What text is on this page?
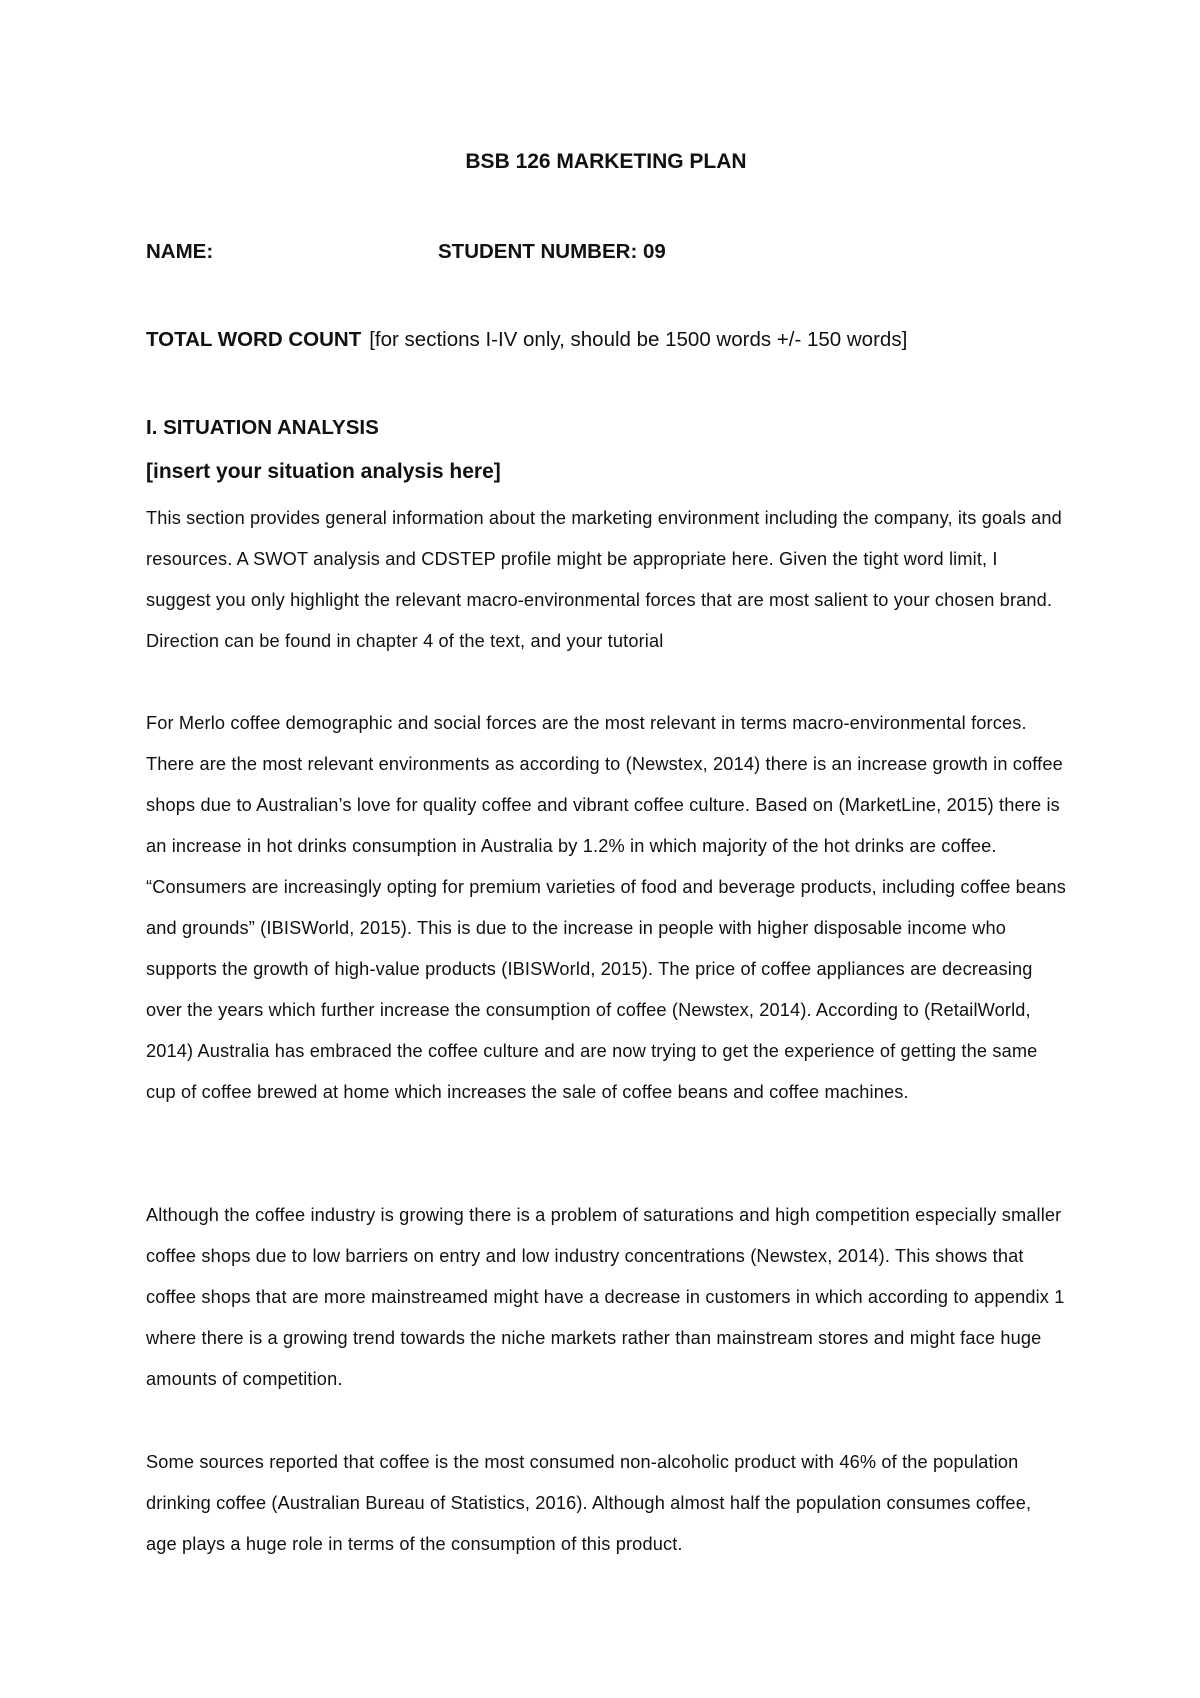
BSB 126 MARKETING PLAN
NAME:	STUDENT NUMBER: 09
TOTAL WORD COUNT [for sections I-IV only, should be 1500 words +/- 150 words]
I. SITUATION ANALYSIS
[insert your situation analysis here]

This section provides general information about the marketing environment including the company, its goals and resources. A SWOT analysis and CDSTEP profile might be appropriate here. Given the tight word limit, I suggest you only highlight the relevant macro-environmental forces that are most salient to your chosen brand. Direction can be found in chapter 4 of the text, and your tutorial

For Merlo coffee demographic and social forces are the most relevant in terms macro-environmental forces. There are the most relevant environments as according to (Newstex, 2014) there is an increase growth in coffee shops due to Australian’s love for quality coffee and vibrant coffee culture. Based on (MarketLine, 2015) there is an increase in hot drinks consumption in Australia by 1.2% in which majority of the hot drinks are coffee. “Consumers are increasingly opting for premium varieties of food and beverage products, including coffee beans and grounds” (IBISWorld, 2015). This is due to the increase in people with higher disposable income who supports the growth of high-value products (IBISWorld, 2015). The price of coffee appliances are decreasing over the years which further increase the consumption of coffee (Newstex, 2014). According to (RetailWorld, 2014) Australia has embraced the coffee culture and are now trying to get the experience of getting the same cup of coffee brewed at home which increases the sale of coffee beans and coffee machines.

Although the coffee industry is growing there is a problem of saturations and high competition especially smaller coffee shops due to low barriers on entry and low industry concentrations (Newstex, 2014). This shows that coffee shops that are more mainstreamed might have a decrease in customers in which according to appendix 1 where there is a growing trend towards the niche markets rather than mainstream stores and might face huge amounts of competition.

Some sources reported that coffee is the most consumed non-alcoholic product with 46% of the population drinking coffee (Australian Bureau of Statistics, 2016). Although almost half the population consumes coffee, age plays a huge role in terms of the consumption of this product.
